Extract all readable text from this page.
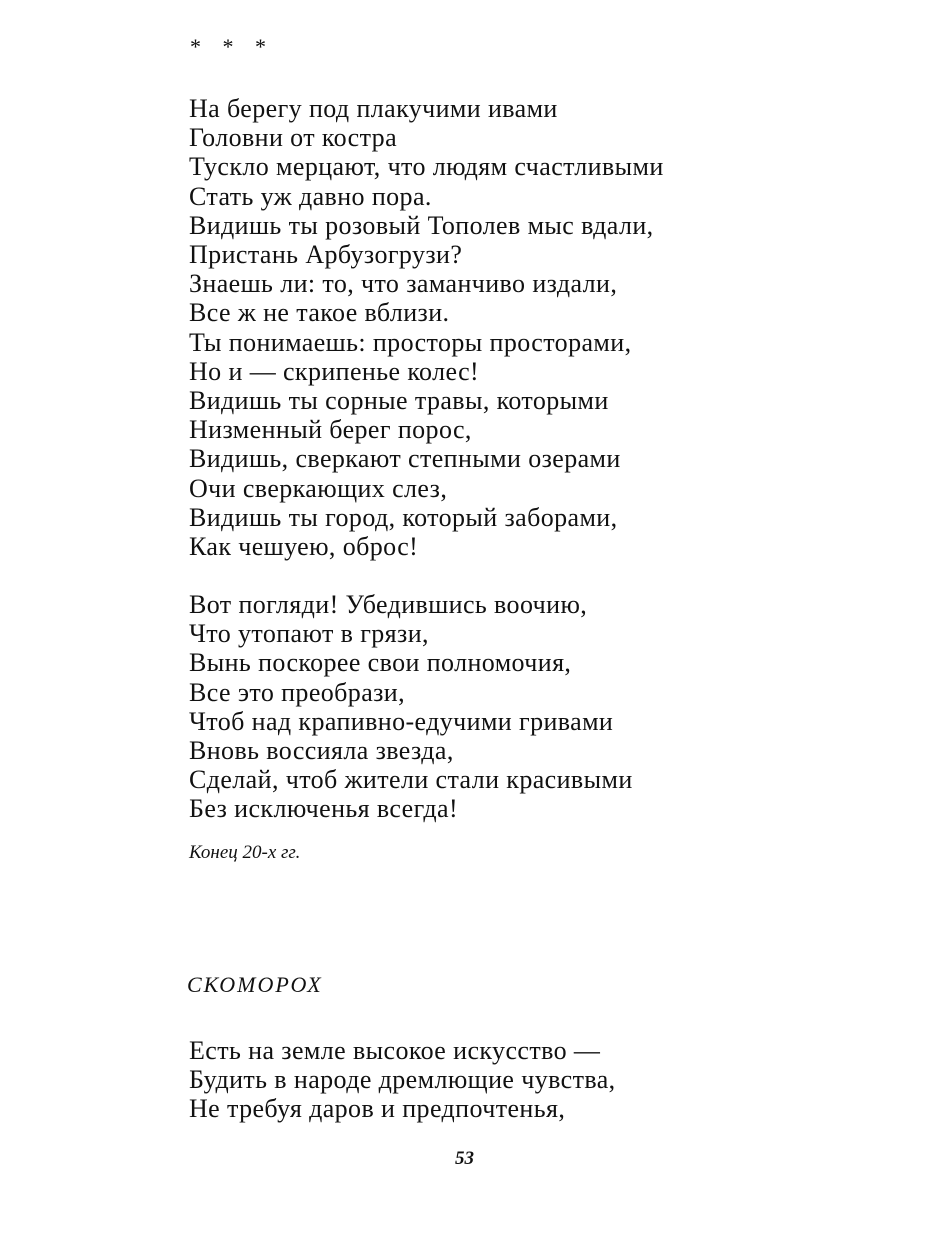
* * *
На берегу под плакучими ивами
Головни от костра
Тускло мерцают, что людям счастливыми
Стать уж давно пора.
Видишь ты розовый Тополев мыс вдали,
Пристань Арбузогрузи?
Знаешь ли: то, что заманчиво издали,
Все ж не такое вблизи.
Ты понимаешь: просторы просторами,
Но и — скрипенье колес!
Видишь ты сорные травы, которыми
Низменный берег порос,
Видишь, сверкают степными озерами
Очи сверкающих слез,
Видишь ты город, который заборами,
Как чешуею, оброс!
Вот погляди! Убедившись воочию,
Что утопают в грязи,
Вынь поскорее свои полномочия,
Все это преобрази,
Чтоб над крапивно-едучими гривами
Вновь воссияла звезда,
Сделай, чтоб жители стали красивыми
Без исключенья всегда!
Конец 20-х гг.
СКОМОРОХ
Есть на земле высокое искусство —
Будить в народе дремлющие чувства,
Не требуя даров и предпочтенья,
53
